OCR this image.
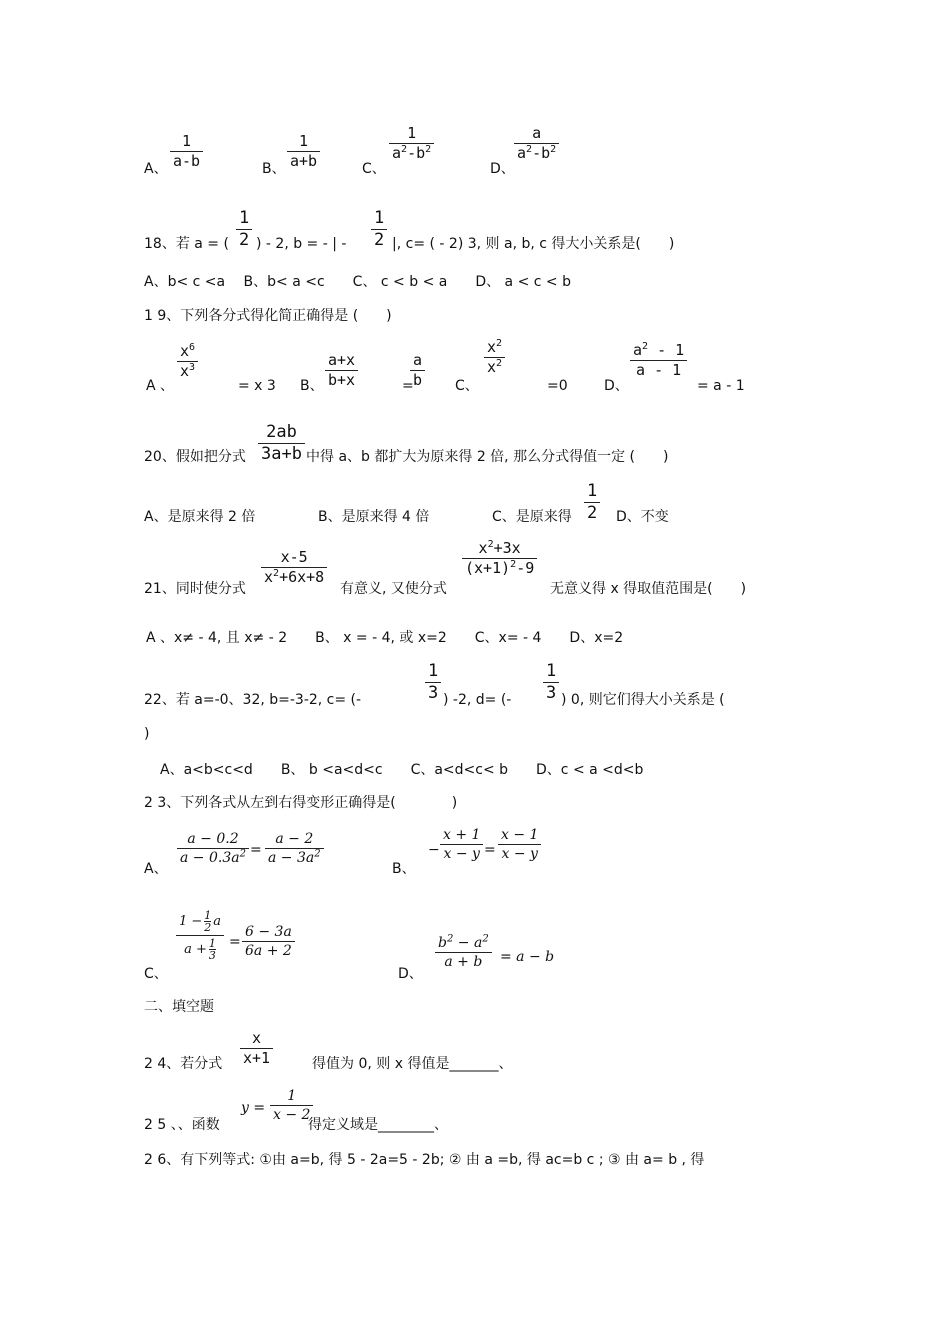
A、
1
a-b	B、
1
a+b	C、
1
$a^2-b^2$
D、
a
$a^2-b^2$
18、若 a = (
1
2 ) - 2, b = - | -
1
2 |, c= ( - 2) 3, 则 a, b, c 得大小关系是(　　)
A、b< c <a　 B、b< a <c　　C、 c < b < a　　D、 a < c < b
1 9、下列各分式得化简正确得是 (　　)
A 、
$x^6$
$x^3$
= x 3 B、
a+x
b+x	=
a
b C、
$x^2$
$x^2$
=0	D、
$a^2 - 1$
a - 1
= a - 1
20、假如把分式
2ab
3a+b 中得 a、b 都扩大为原来得 2 倍, 那么分式得值一定 (　　)
A、是原来得 2 倍	B、是原来得 4 倍	C、是原来得
1
2 D、不变
21、同时使分式
x-5
$x^2+6x+8$
有意义, 又使分式
$x^2+3x$
$(x+1)^2-9$
无意义得 x 得取值范围是(　　)
A 、x≠ - 4, 且 x≠ - 2　　B、 x = - 4, 或 x=2　　C、x= - 4　　D、x=2
22、若 a=-0、32, b=-3-2, c= (-
1
3 ) -2, d= (-
1
3 ) 0, 则它们得大小关系是 (
)
A、a<b<c<d　　B、 b <a<d<c　　C、a<d<c< b　　D、c < a <d<b
2 3、下列各式从左到右得变形正确得是(　　　　)
A、
a − 0.2
$a - 0.3a^2$ =
a − 2
$a - 3a^2$
B、
−
x + 1
x − y =
x − 1
x − y
C、
1 − 1
2 a
a + 1
3
=
6 − 3a
6a + 2
D、
$b^2 - a^2$
a + b = a − b
二、填空题
2 4、若分式
x
x+1	得值为 0, 则 x 得值是_______、
2 5 、、函数
y =
1
x − 2
得定义域是________、
2 6、有下列等式: ①由 a=b, 得 5 - 2a=5 - 2b; ② 由 a =b, 得 ac=b c ; ③ 由 a= b , 得
